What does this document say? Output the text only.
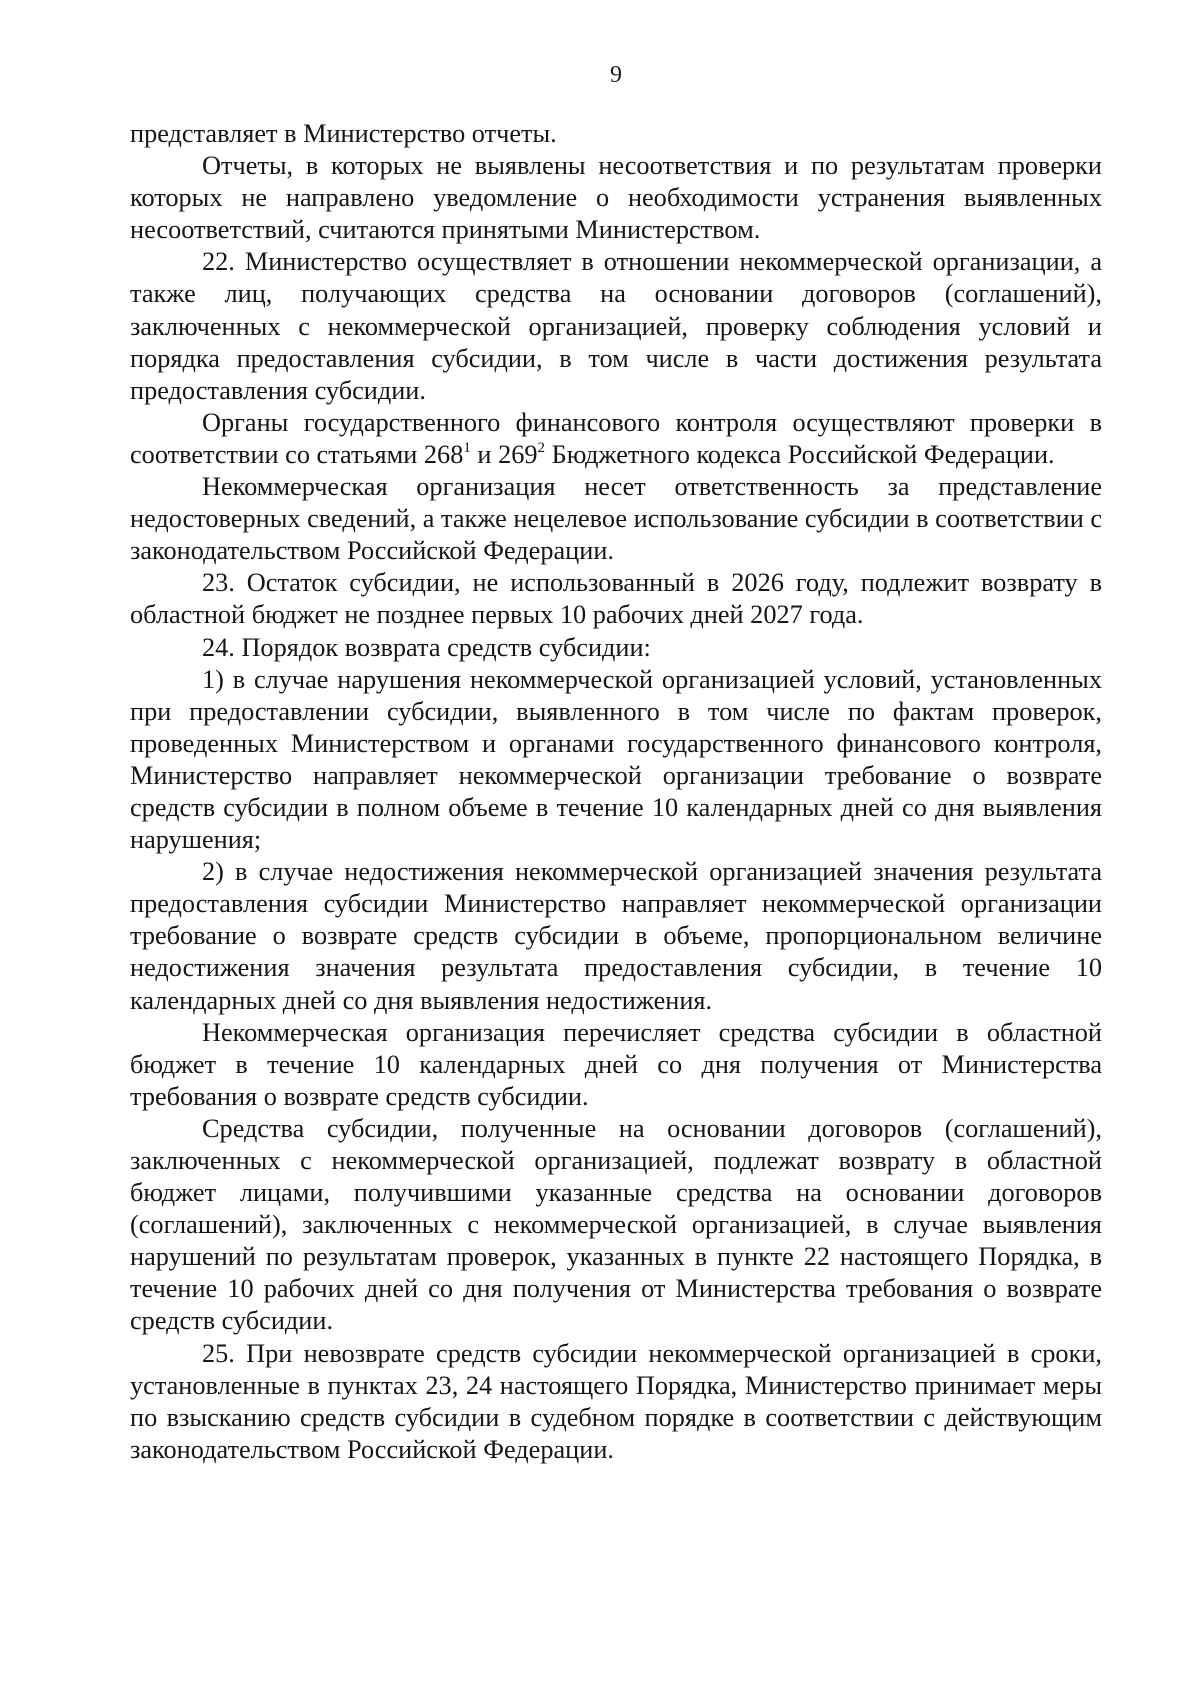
9

представляет в Министерство отчеты.

Отчеты, в которых не выявлены несоответствия и по результатам проверки которых не направлено уведомление о необходимости устранения выявленных несоответствий, считаются принятыми Министерством.

22. Министерство осуществляет в отношении некоммерческой организации, а также лиц, получающих средства на основании договоров (соглашений), заключенных с некоммерческой организацией, проверку соблюдения условий и порядка предоставления субсидии, в том числе в части достижения результата предоставления субсидии.

Органы государственного финансового контроля осуществляют проверки в соответствии со статьями $268^1$ и $269^2$ Бюджетного кодекса Российской Федерации.

Некоммерческая организация несет ответственность за представление недостоверных сведений, а также нецелевое использование субсидии в соответствии с законодательством Российской Федерации.

23. Остаток субсидии, не использованный в 2026 году, подлежит возврату в областной бюджет не позднее первых 10 рабочих дней 2027 года.

24. Порядок возврата средств субсидии:

1) в случае нарушения некоммерческой организацией условий, установленных при предоставлении субсидии, выявленного в том числе по фактам проверок, проведенных Министерством и органами государственного финансового контроля, Министерство направляет некоммерческой организации требование о возврате средств субсидии в полном объеме в течение 10 календарных дней со дня выявления нарушения;

2) в случае недостижения некоммерческой организацией значения результата предоставления субсидии Министерство направляет некоммерческой организации требование о возврате средств субсидии в объеме, пропорциональном величине недостижения значения результата предоставления субсидии, в течение 10 календарных дней со дня выявления недостижения.

Некоммерческая организация перечисляет средства субсидии в областной бюджет в течение 10 календарных дней со дня получения от Министерства требования о возврате средств субсидии.

Средства субсидии, полученные на основании договоров (соглашений), заключенных с некоммерческой организацией, подлежат возврату в областной бюджет лицами, получившими указанные средства на основании договоров (соглашений), заключенных с некоммерческой организацией, в случае выявления нарушений по результатам проверок, указанных в пункте 22 настоящего Порядка, в течение 10 рабочих дней со дня получения от Министерства требования о возврате средств субсидии.

25. При невозврате средств субсидии некоммерческой организацией в сроки, установленные в пунктах 23, 24 настоящего Порядка, Министерство принимает меры по взысканию средств субсидии в судебном порядке в соответствии с действующим законодательством Российской Федерации.
